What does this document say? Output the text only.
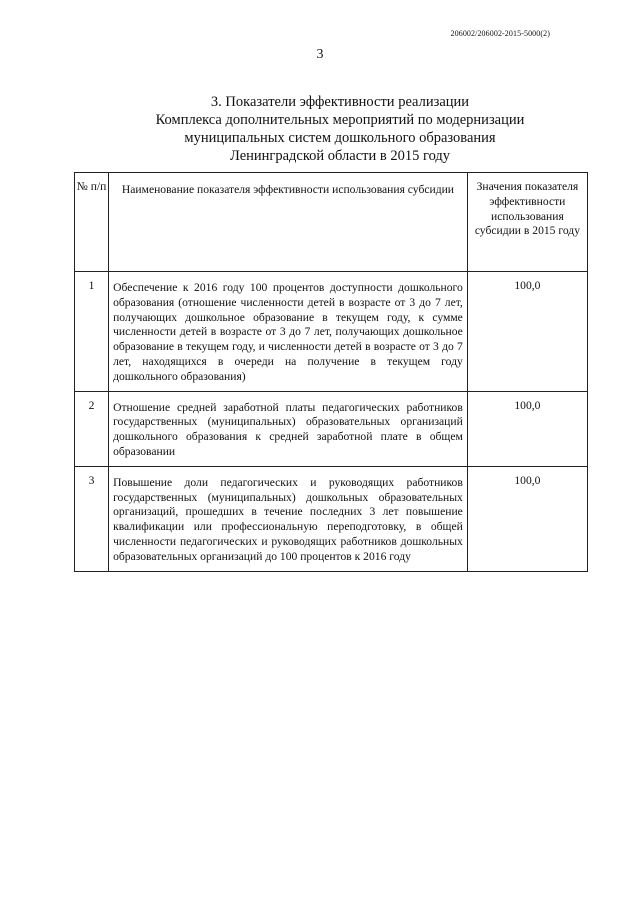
206002/206002-2015-5000(2)
3
3. Показатели эффективности реализации
Комплекса дополнительных мероприятий по модернизации
муниципальных систем дошкольного образования
Ленинградской области в 2015 году
№ п/п	Наименование показателя эффективности использования субсидии	Значения показателя эффективности использования субсидии в 2015 году
1	Обеспечение к 2016 году 100 процентов доступности дошкольного образования (отношение численности детей в возрасте от 3 до 7 лет, получающих дошкольное образование в текущем году, к сумме численности детей в возрасте от 3 до 7 лет, получающих дошкольное образование в текущем году, и численности детей в возрасте от 3 до 7 лет, находящихся в очереди на получение в текущем году дошкольного образования)	100,0
2	Отношение средней заработной платы педагогических работников государственных (муниципальных) образовательных организаций дошкольного образования к средней заработной плате в общем образовании	100,0
3	Повышение доли педагогических и руководящих работников государственных (муниципальных) дошкольных образовательных организаций, прошедших в течение последних 3 лет повышение квалификации или профессиональную переподготовку, в общей численности педагогических и руководящих работников дошкольных образовательных организаций до 100 процентов к 2016 году	100,0
